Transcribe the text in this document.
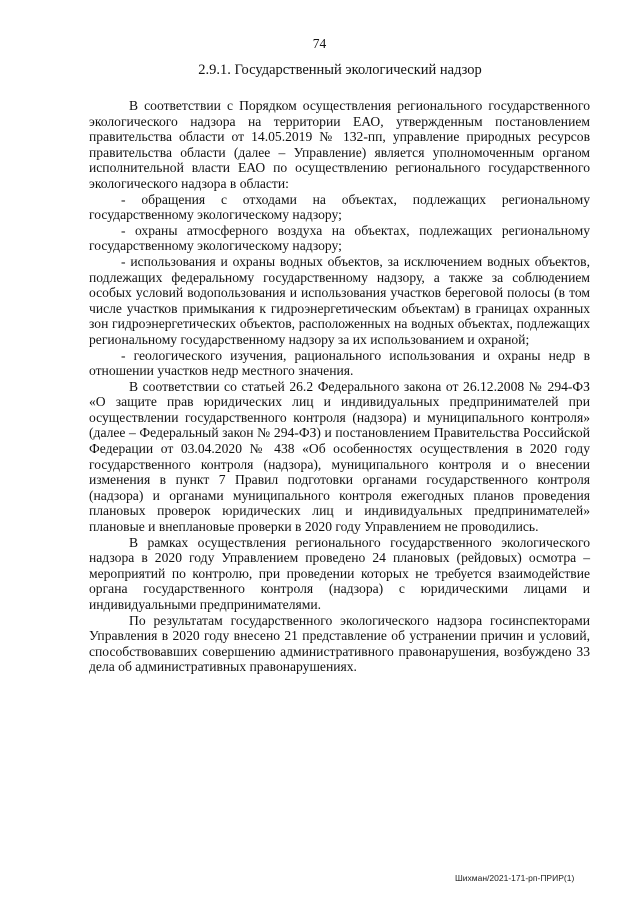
74
2.9.1. Государственный экологический надзор

В соответствии с Порядком осуществления регионального государственного экологического надзора на территории ЕАО, утвержденным постановлением правительства области от 14.05.2019 № 132-пп, управление природных ресурсов правительства области (далее – Управление) является уполномоченным органом исполнительной власти ЕАО по осуществлению регионального государственного экологического надзора в области:

- обращения с отходами на объектах, подлежащих региональному государственному экологическому надзору;

- охраны атмосферного воздуха на объектах, подлежащих региональному государственному экологическому надзору;

- использования и охраны водных объектов, за исключением водных объектов, подлежащих федеральному государственному надзору, а также за соблюдением особых условий водопользования и использования участков береговой полосы (в том числе участков примыкания к гидроэнергетическим объектам) в границах охранных зон гидроэнергетических объектов, расположенных на водных объектах, подлежащих региональному государственному надзору за их использованием и охраной;

- геологического изучения, рационального использования и охраны недр в отношении участков недр местного значения.

В соответствии со статьей 26.2 Федерального закона от 26.12.2008 № 294-ФЗ «О защите прав юридических лиц и индивидуальных предпринимателей при осуществлении государственного контроля (надзора) и муниципального контроля» (далее – Федеральный закон № 294-ФЗ) и постановлением Правительства Российской Федерации от 03.04.2020 № 438 «Об особенностях осуществления в 2020 году государственного контроля (надзора), муниципального контроля и о внесении изменения в пункт 7 Правил подготовки органами государственного контроля (надзора) и органами муниципального контроля ежегодных планов проведения плановых проверок юридических лиц и индивидуальных предпринимателей» плановые и внеплановые проверки в 2020 году Управлением не проводились.

В рамках осуществления регионального государственного экологического надзора в 2020 году Управлением проведено 24 плановых (рейдовых) осмотра – мероприятий по контролю, при проведении которых не требуется взаимодействие органа государственного контроля (надзора) с юридическими лицами и индивидуальными предпринимателями.

По результатам государственного экологического надзора госинспекторами Управления в 2020 году внесено 21 представление об устранении причин и условий, способствовавших совершению административного правонарушения, возбуждено 33 дела об административных правонарушениях.

Шихман/2021-171-рп-ПРИР(1)
